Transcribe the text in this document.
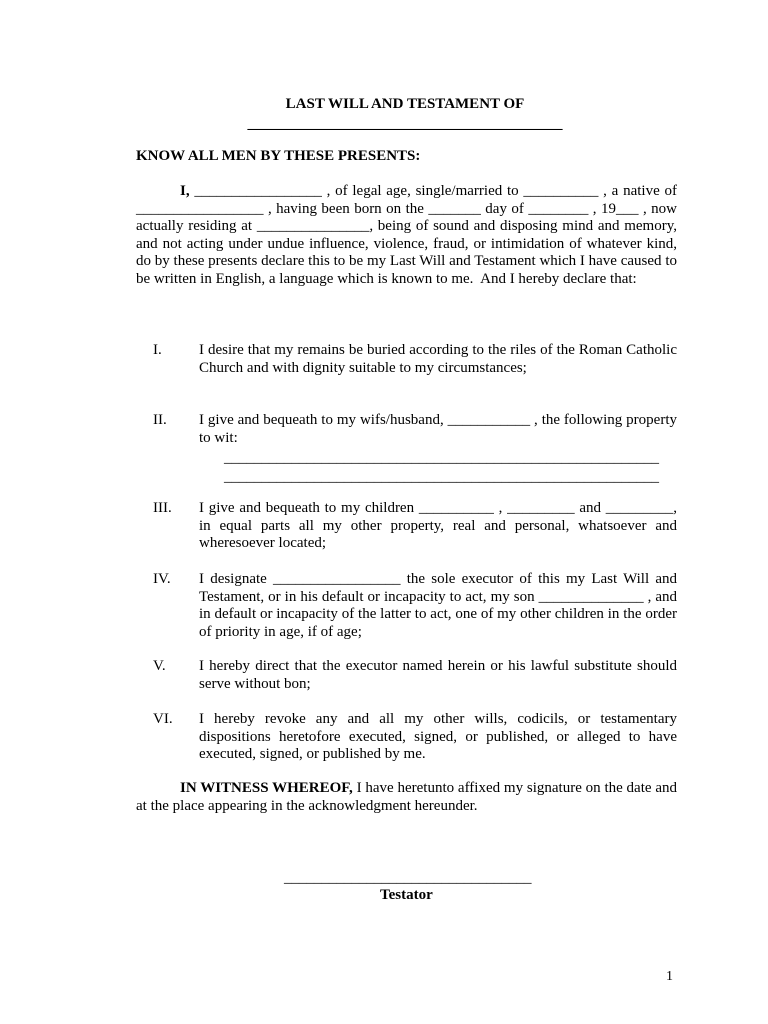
LAST WILL AND TESTAMENT OF
__________________________________________
KNOW ALL MEN BY THESE PRESENTS:
I, _________________ , of legal age, single/married to __________ , a native of _________________ , having been born on the _______ day of ________ , 19___ , now actually residing at _______________, being of sound and disposing mind and memory, and not acting under undue influence, violence, fraud, or intimidation of whatever kind, do by these presents declare this to be my Last Will and Testament which I have caused to be written in English, a language which is known to me.  And I hereby declare that:
I. I desire that my remains be buried according to the riles of the Roman Catholic Church and with dignity suitable to my circumstances;
II. I give and bequeath to my wifs/husband, ___________ , the following property to wit:
__________________________________________________________
__________________________________________________________
III. I give and bequeath to my children __________ , _________ and _________, in equal parts all my other property, real and personal, whatsoever and wheresoever located;
IV. I designate _________________ the sole executor of this my Last Will and Testament, or in his default or incapacity to act, my son ______________ , and in default or incapacity of the latter to act, one of my other children in the order of priority in age, if of age;
V. I hereby direct that the executor named herein or his lawful substitute should serve without bon;
VI. I hereby revoke any and all my other wills, codicils, or testamentary dispositions heretofore executed, signed, or published, or alleged to have executed, signed, or published by me.
IN WITNESS WHEREOF, I have heretunto affixed my signature on the date and at the place appearing in the acknowledgment hereunder.
_________________________________
Testator
1
